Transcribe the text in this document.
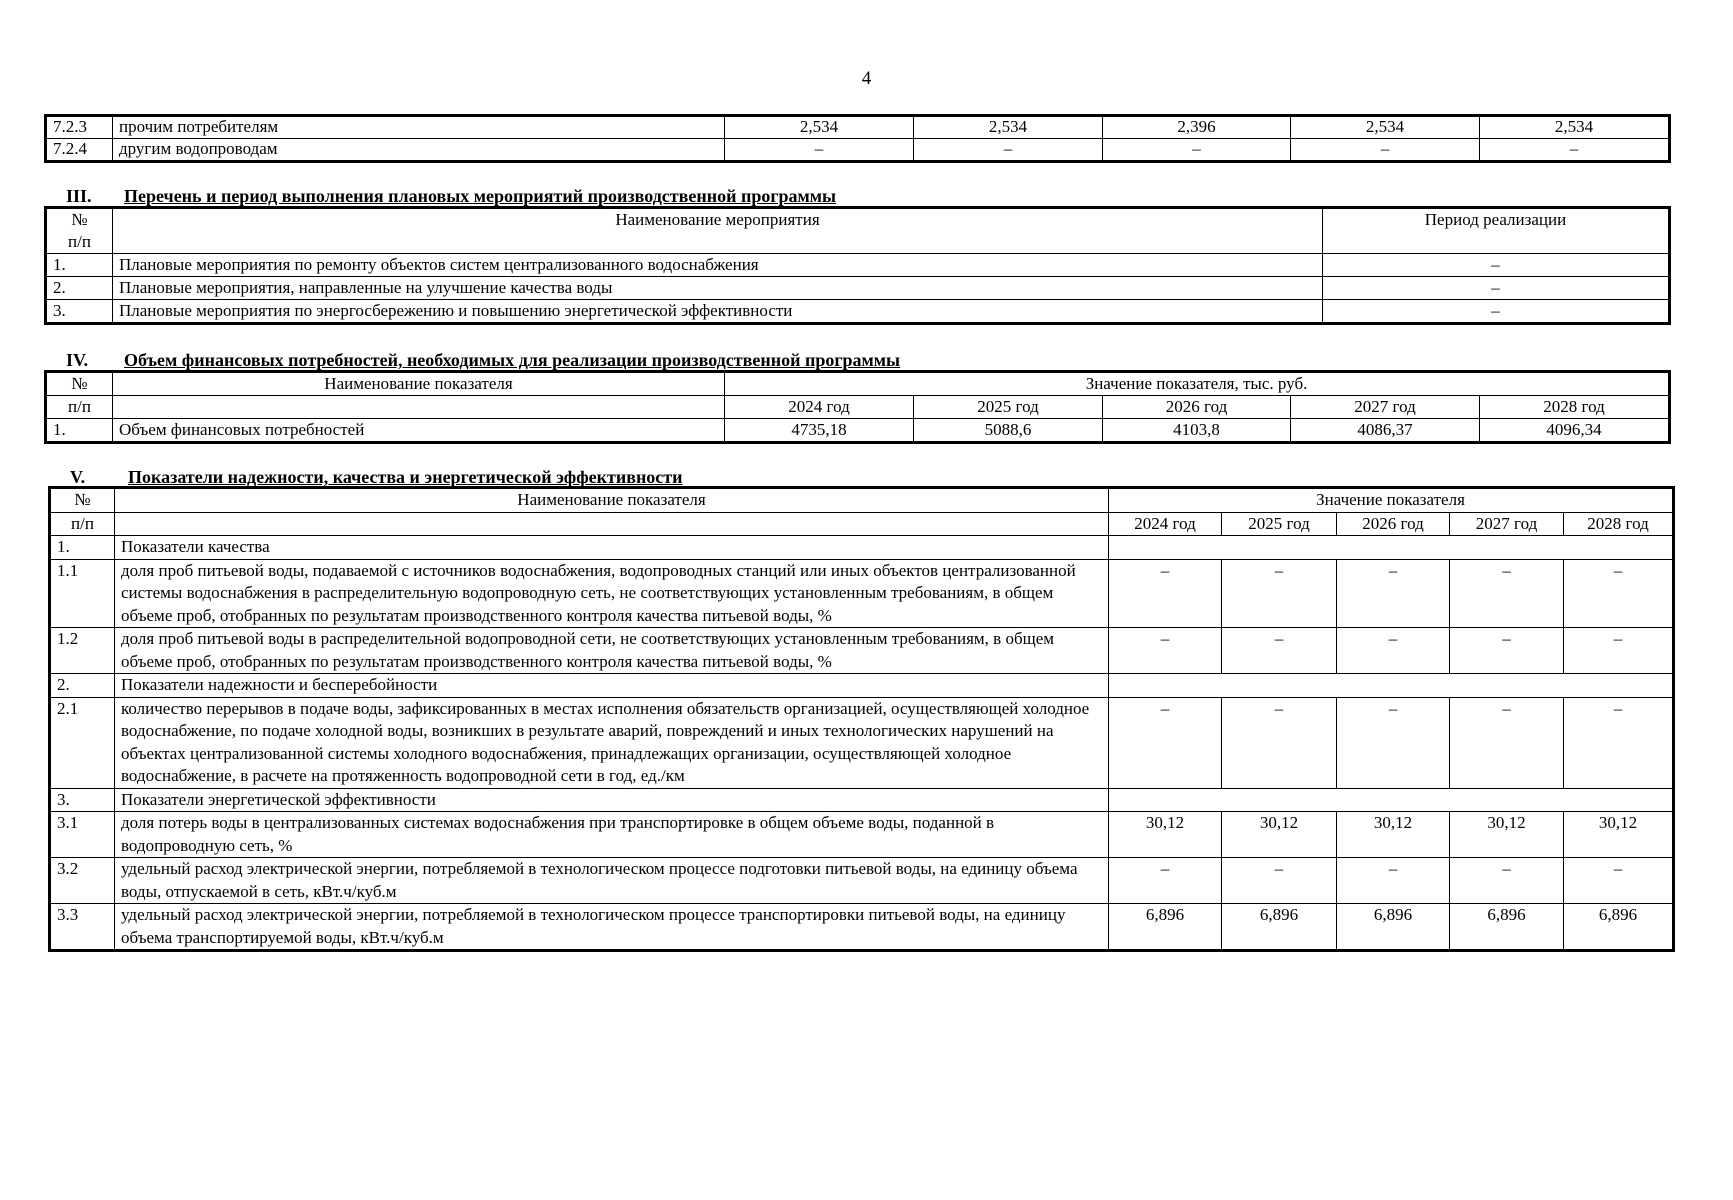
4
7.2.3	прочим потребителям	2,534	2,534	2,396	2,534	2,534
7.2.4	другим водопроводам	–	–	–	–	–
III. Перечень и период выполнения плановых мероприятий производственной программы
№
п/п	Наименование мероприятия	Период реализации
1.	Плановые мероприятия по ремонту объектов систем централизованного водоснабжения	–
2.	Плановые мероприятия, направленные на улучшение качества воды	–
3.	Плановые мероприятия по энергосбережению и повышению энергетической эффективности	–
IV. Объем финансовых потребностей, необходимых для реализации производственной программы
№	Наименование показателя	Значение показателя, тыс. руб.				
п/п		2024 год	2025 год	2026 год	2027 год	2028 год
1.	Объем финансовых потребностей	4735,18	5088,6	4103,8	4086,37	4096,34
V. Показатели надежности, качества и энергетической эффективности
№	Наименование показателя	Значение показателя				
п/п		2024 год	2025 год	2026 год	2027 год	2028 год
1.	Показатели качества					
1.1	доля проб питьевой воды, подаваемой с источников водоснабжения, водопроводных станций или иных объектов централизованной системы водоснабжения в распределительную водопроводную сеть, не соответствующих установленным требованиям, в общем объеме проб, отобранных по результатам производственного контроля качества питьевой воды, %	–	–	–	–	–
1.2	доля проб питьевой воды в распределительной водопроводной сети, не соответствующих установленным требованиям, в общем объеме проб, отобранных по результатам производственного контроля качества питьевой воды, %	–	–	–	–	–
2.	Показатели надежности и бесперебойности					
2.1	количество перерывов в подаче воды, зафиксированных в местах исполнения обязательств организацией, осуществляющей холодное водоснабжение, по подаче холодной воды, возникших в результате аварий, повреждений и иных технологических нарушений на объектах централизованной системы холодного водоснабжения, принадлежащих организации, осуществляющей холодное водоснабжение, в расчете на протяженность водопроводной сети в год, ед./км	–	–	–	–	–
3.	Показатели энергетической эффективности					
3.1	доля потерь воды в централизованных системах водоснабжения при транспортировке в общем объеме воды, поданной в водопроводную сеть, %	30,12	30,12	30,12	30,12	30,12
3.2	удельный расход электрической энергии, потребляемой в технологическом процессе подготовки питьевой воды, на единицу объема воды, отпускаемой в сеть, кВт.ч/куб.м	–	–	–	–	–
3.3	удельный расход электрической энергии, потребляемой в технологическом процессе транспортировки питьевой воды, на единицу объема транспортируемой воды, кВт.ч/куб.м	6,896	6,896	6,896	6,896	6,896
